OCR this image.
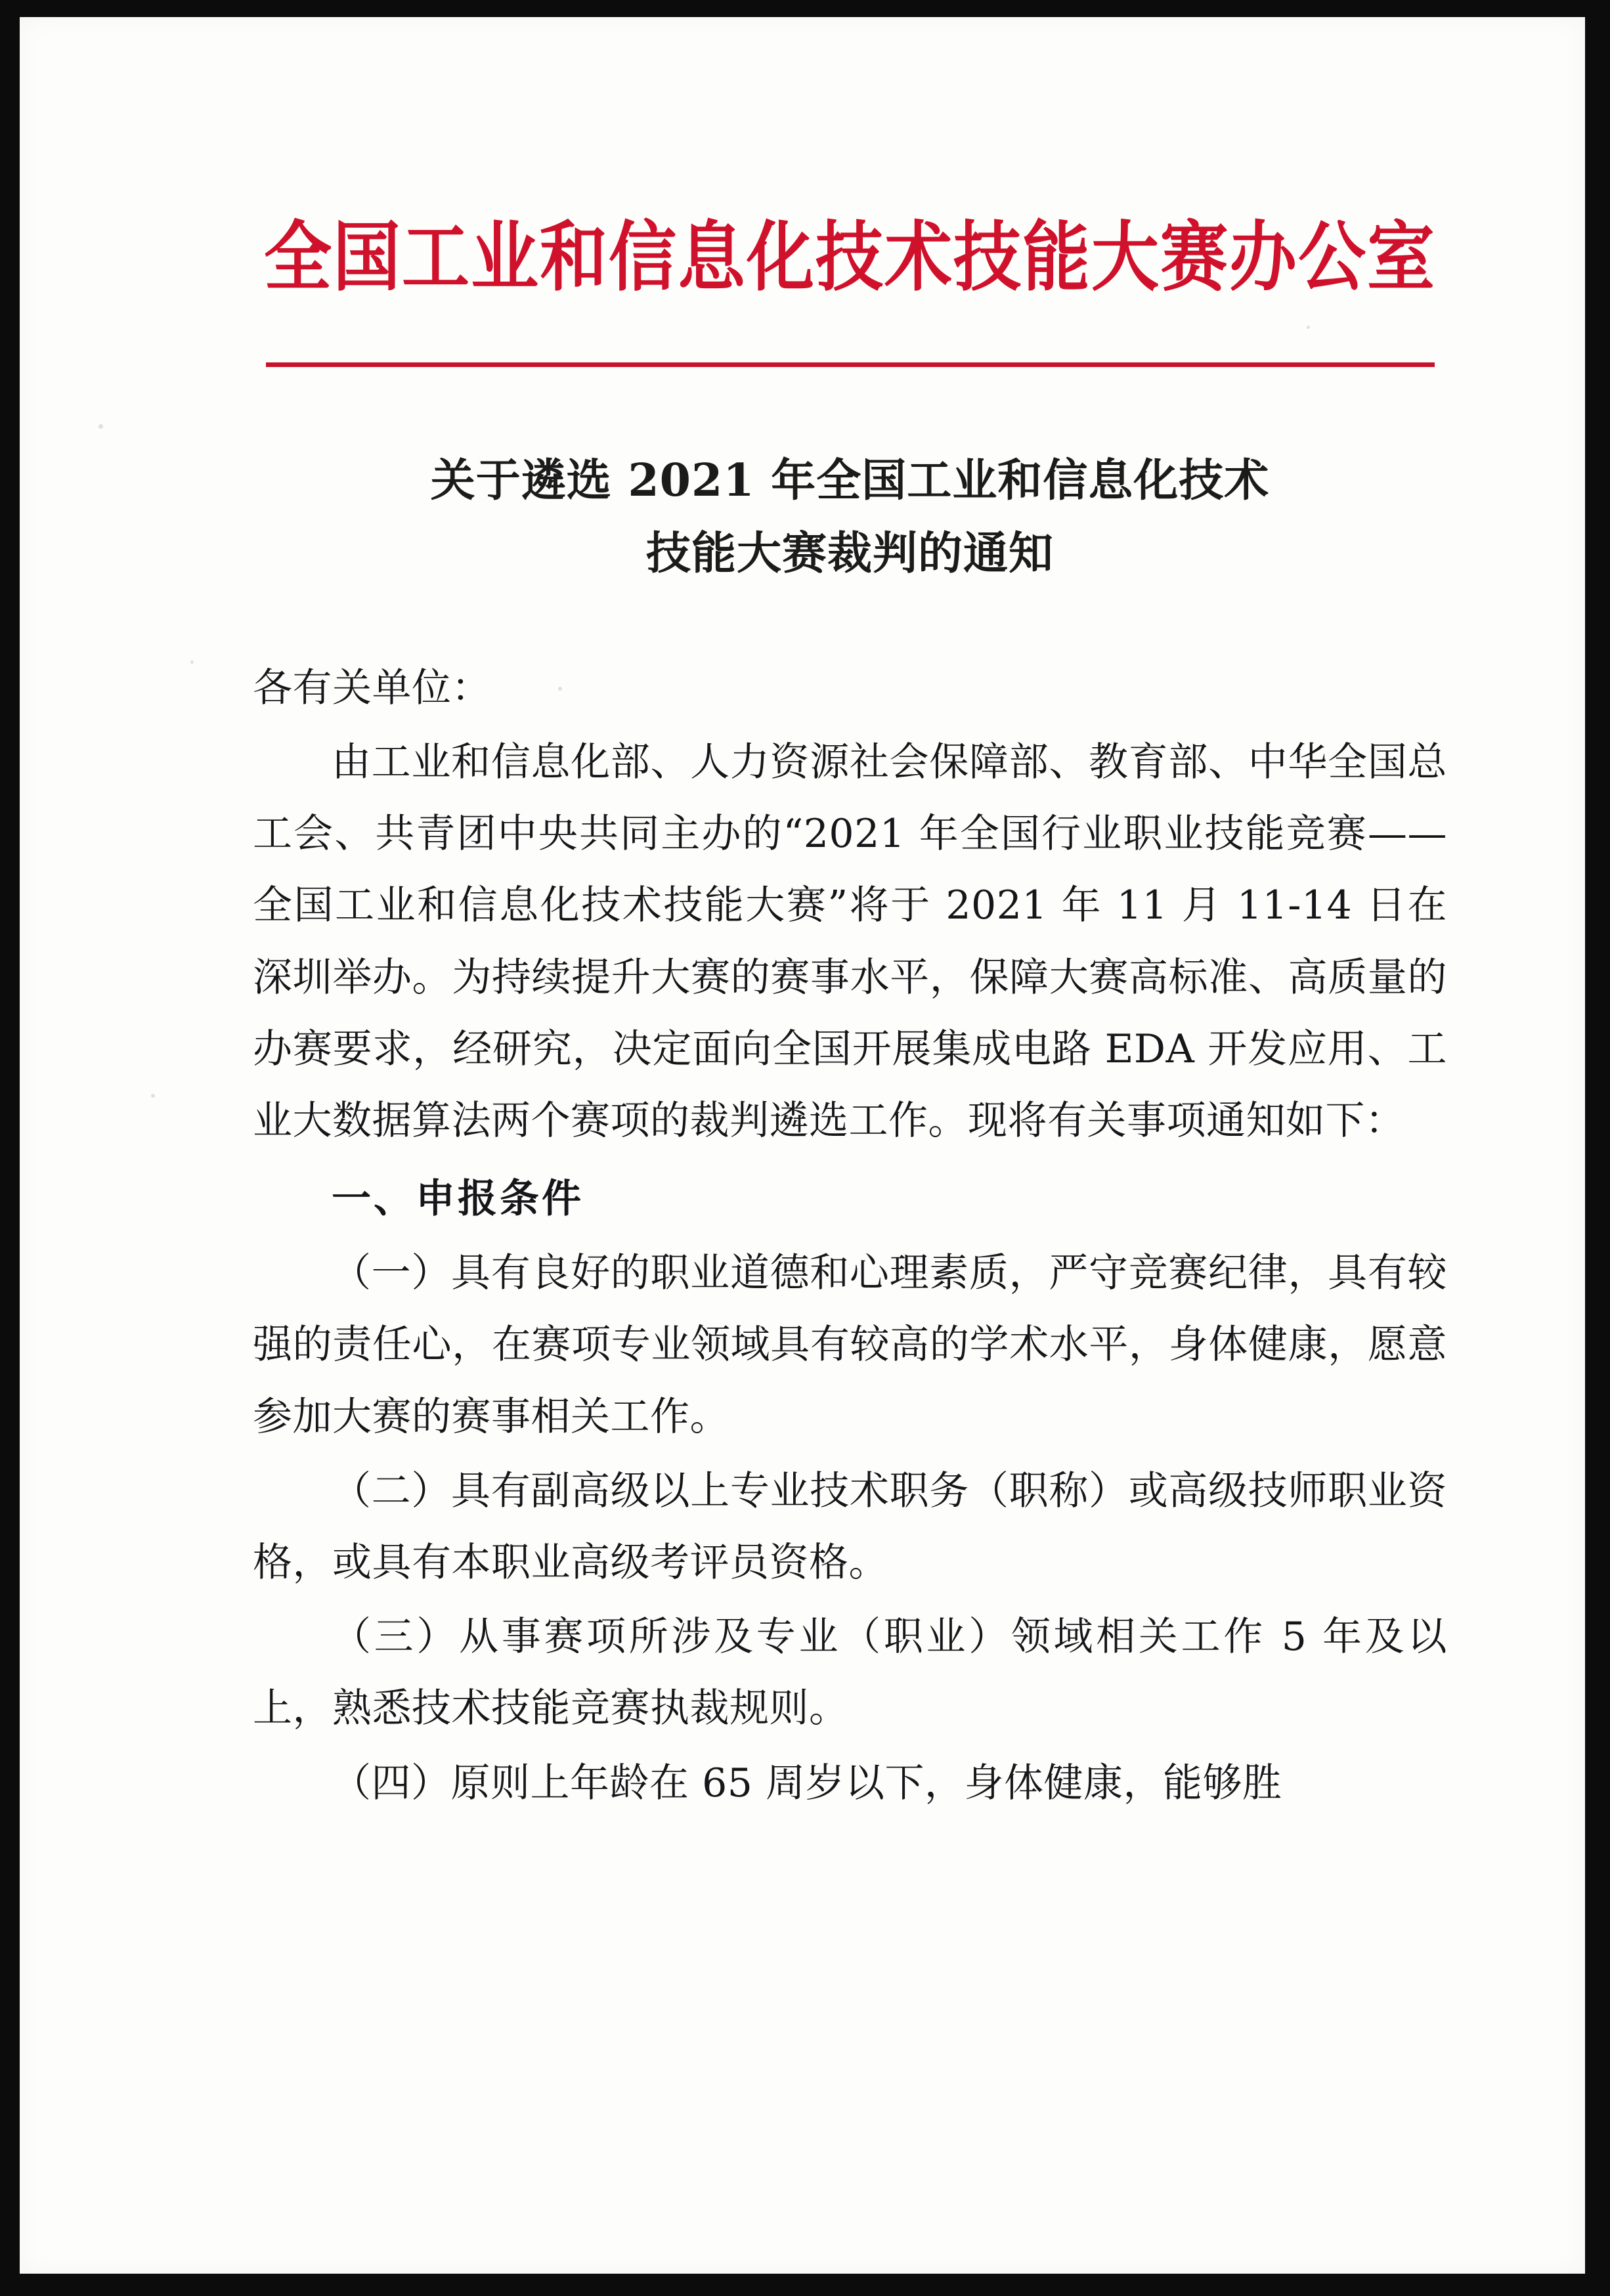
全国工业和信息化技术技能大赛办公室
关于遴选 2021 年全国工业和信息化技术
技能大赛裁判的通知

各有关单位：

由工业和信息化部、人力资源社会保障部、教育部、中华全国总工会、共青团中央共同主办的“2021 年全国行业职业技能竞赛——全国工业和信息化技术技能大赛”将于 2021 年 11 月 11-14 日在深圳举办。为持续提升大赛的赛事水平，保障大赛高标准、高质量的办赛要求，经研究，决定面向全国开展集成电路 EDA 开发应用、工业大数据算法两个赛项的裁判遴选工作。现将有关事项通知如下：

一、申报条件

（一）具有良好的职业道德和心理素质，严守竞赛纪律，具有较强的责任心，在赛项专业领域具有较高的学术水平，身体健康，愿意参加大赛的赛事相关工作。

（二）具有副高级以上专业技术职务（职称）或高级技师职业资格，或具有本职业高级考评员资格。

（三）从事赛项所涉及专业（职业）领域相关工作 5 年及以上，熟悉技术技能竞赛执裁规则。

（四）原则上年龄在 65 周岁以下，身体健康，能够胜
